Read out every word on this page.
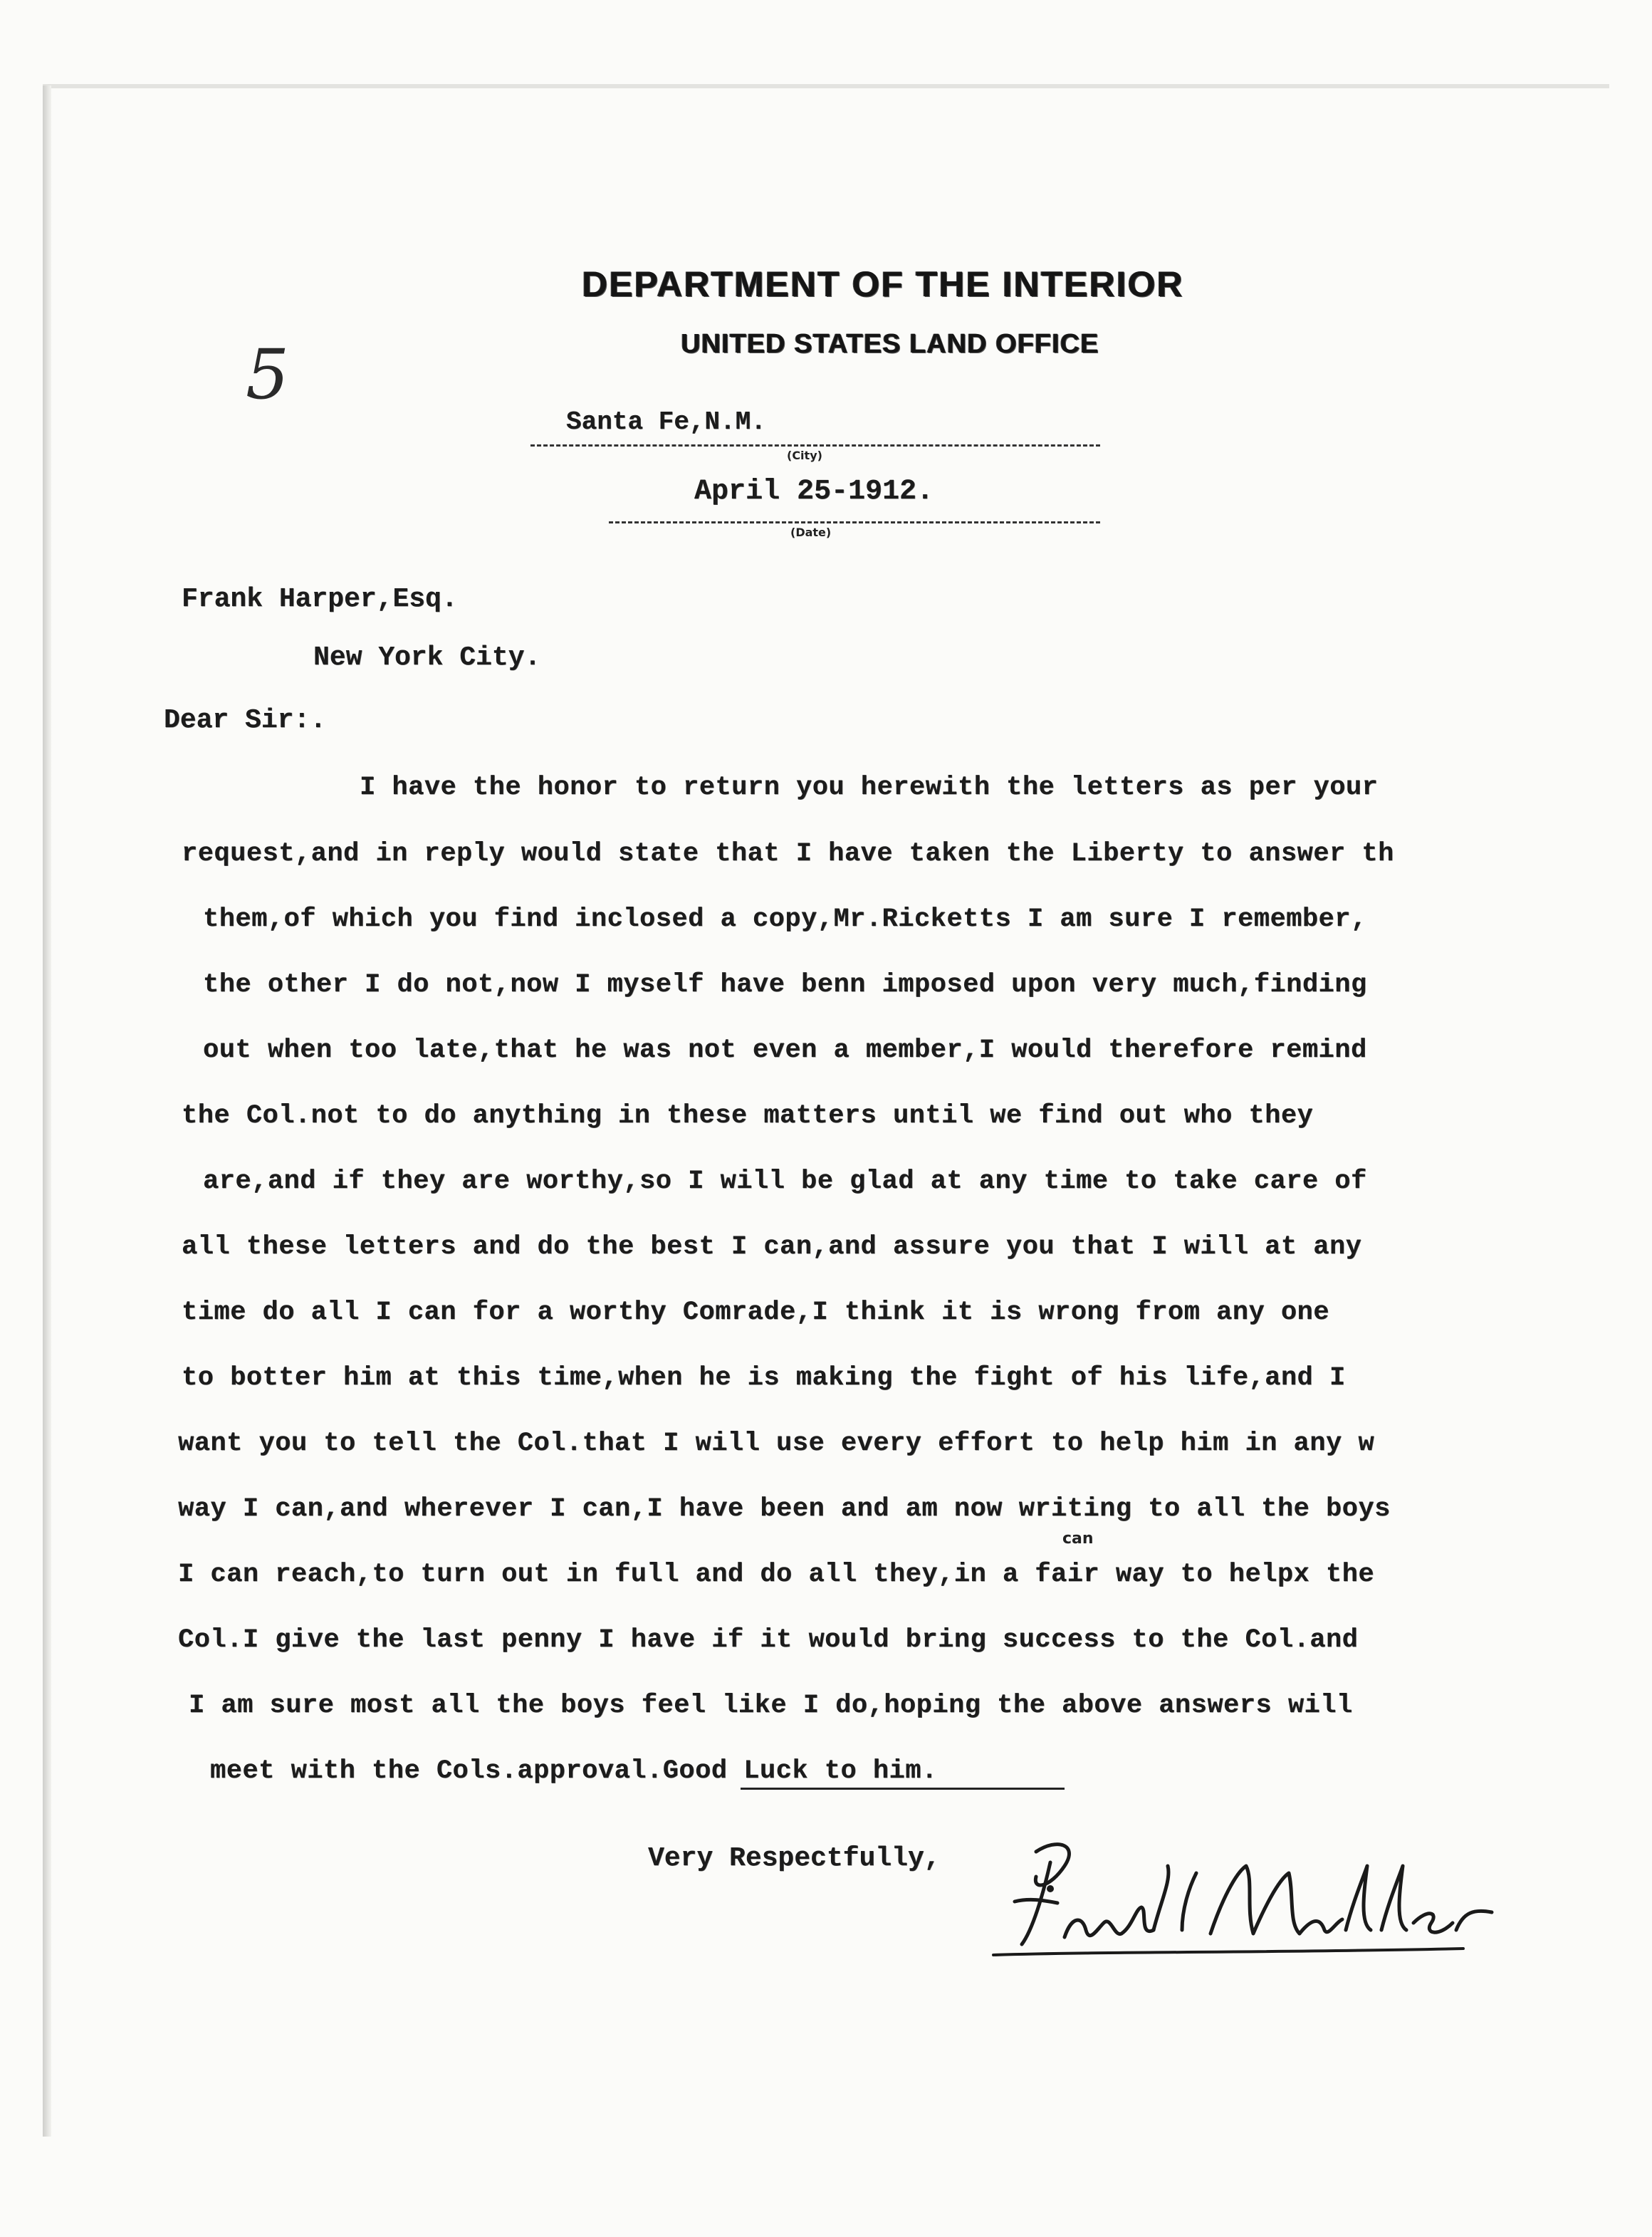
DEPARTMENT OF THE INTERIOR
UNITED STATES LAND OFFICE
5
Santa Fe,N.M.
(City)
April 25-1912.
(Date)
Frank Harper,Esq.
New York City.
Dear Sir:.
I have the honor to return you herewith the letters as per your
request,and in reply would state that I have taken the Liberty to answer th
them,of which you find inclosed a copy,Mr.Ricketts I am sure I remember,
the other I do not,now I myself have benn imposed upon very much,finding
out when too late,that he was not even a member,I would therefore remind
the Col.not to do anything in these matters until we find out who they
are,and if they are worthy,so I will be glad at any time to take care of
all these letters and do the best I can,and assure you that I will at any
time do all I can for a worthy Comrade,I think it is wrong from any one
to botter him at this time,when he is making the fight of his life,and I
want you to tell the Col.that I will use every effort to help him in any w
way I can,and wherever I can,I have been and am now writing to all the boys
can
I can reach,to turn out in full and do all they,in a fair way to helpx the
Col.I give the last penny I have if it would bring success to the Col.and
I am sure most all the boys feel like I do,hoping the above answers will
meet with the Cols.approval.Good Luck to him.
Very Respectfully,
